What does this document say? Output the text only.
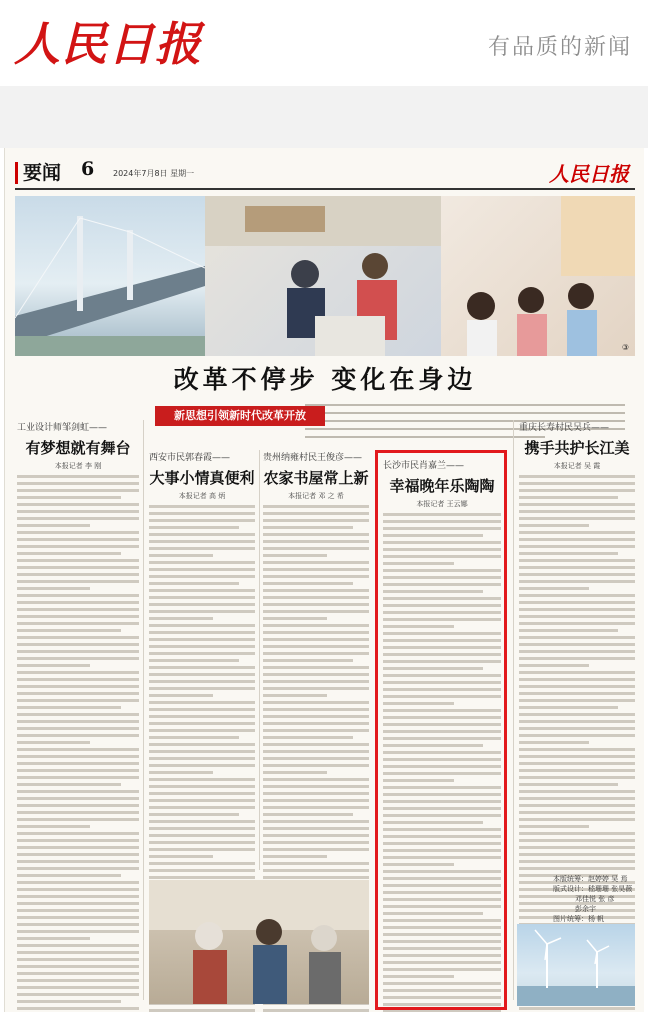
人民日报	有品质的新闻
要闻 6 2024年7月8日 星期一	人民日报
③
改革不停步 变化在身边
新思想引领新时代改革开放
工业设计师邹剑虹——
有梦想就有舞台
本报记者 李 刚
西安市民郭春霞——
大事小情真便利
本报记者 高 炳
贵州纳雍村民王俊彦——
农家书屋常上新
本报记者 邓 之 希
长沙市民肖嘉兰——
幸福晚年乐陶陶
本报记者 王云娜
重庆长寿村民吴兵——
携手共护长江美
本报记者 吴 霞
本版统筹：赵婷婷 吴 焉
版式设计：嵇珊珊 张昊薇
邓佳悦 张 彦
彭余宇
图片统筹：杨 帆
